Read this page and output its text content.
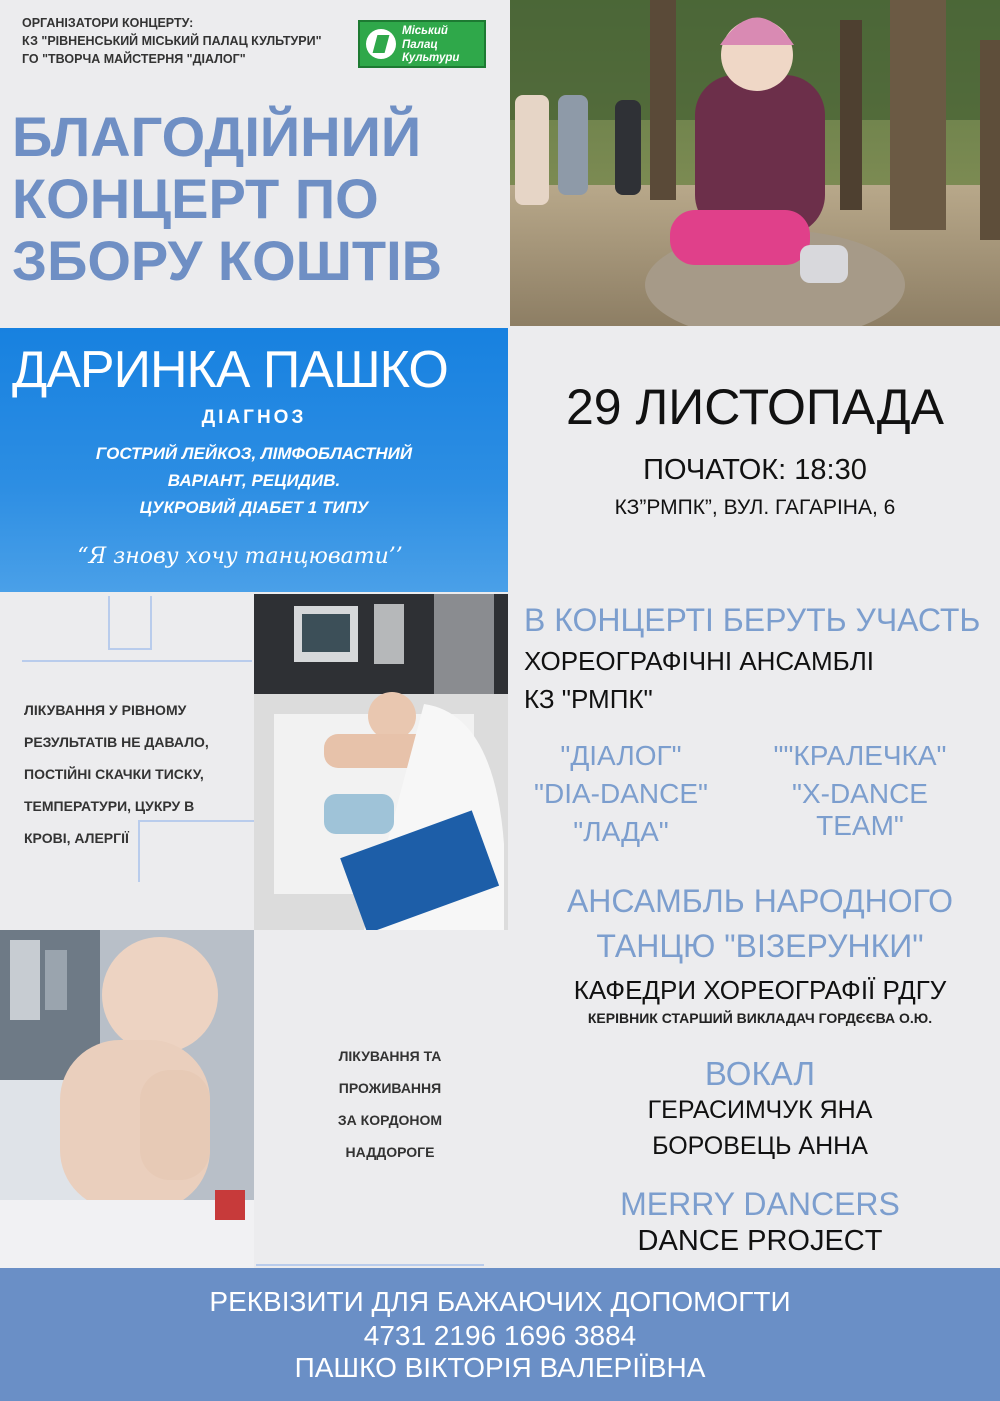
ОРГАНІЗАТОРИ КОНЦЕРТУ:
КЗ "РІВНЕНСЬКИЙ МІСЬКИЙ ПАЛАЦ КУЛЬТУРИ"
ГО "ТВОРЧА МАЙСТЕРНЯ "ДІАЛОГ"
Міський
Палац
Культури
БЛАГОДІЙНИЙ
КОНЦЕРТ ПО
ЗБОРУ КОШТІВ
ДАРИНКА ПАШКО
ДІАГНОЗ
ГОСТРИЙ ЛЕЙКОЗ, ЛІМФОБЛАСТНИЙ
ВАРІАНТ, РЕЦИДИВ.
ЦУКРОВИЙ ДІАБЕТ 1 ТИПУ
“Я знову хочу танцювати’’
29 ЛИСТОПАДА
ПОЧАТОК: 18:30
КЗ”РМПК”, ВУЛ. ГАГАРІНА, 6
В КОНЦЕРТІ БЕРУТЬ УЧАСТЬ
ХОРЕОГРАФІЧНІ АНСАМБЛІ
КЗ "РМПК"
"ДІАЛОГ"
"DIA-DANCE"
"ЛАДА"
""КРАЛЕЧКА"
"X-DANCE TEAM"
АНСАМБЛЬ НАРОДНОГО
ТАНЦЮ "ВІЗЕРУНКИ"
КАФЕДРИ ХОРЕОГРАФІЇ РДГУ
КЕРІВНИК СТАРШИЙ ВИКЛАДАЧ ГОРДЄЄВА О.Ю.
ВОКАЛ
ГЕРАСИМЧУК ЯНА
БОРОВЕЦЬ АННА
MERRY DANCERS
DANCE PROJECT
ЛІКУВАННЯ У РІВНОМУ
РЕЗУЛЬТАТІВ НЕ ДАВАЛО,
ПОСТІЙНІ СКАЧКИ ТИСКУ,
ТЕМПЕРАТУРИ, ЦУКРУ В
КРОВІ, АЛЕРГІЇ
ЛІКУВАННЯ ТА
ПРОЖИВАННЯ
ЗА КОРДОНОМ
НАДДОРОГЕ
РЕКВІЗИТИ ДЛЯ БАЖАЮЧИХ ДОПОМОГТИ
4731 2196 1696 3884
ПАШКО ВІКТОРІЯ ВАЛЕРІЇВНА
